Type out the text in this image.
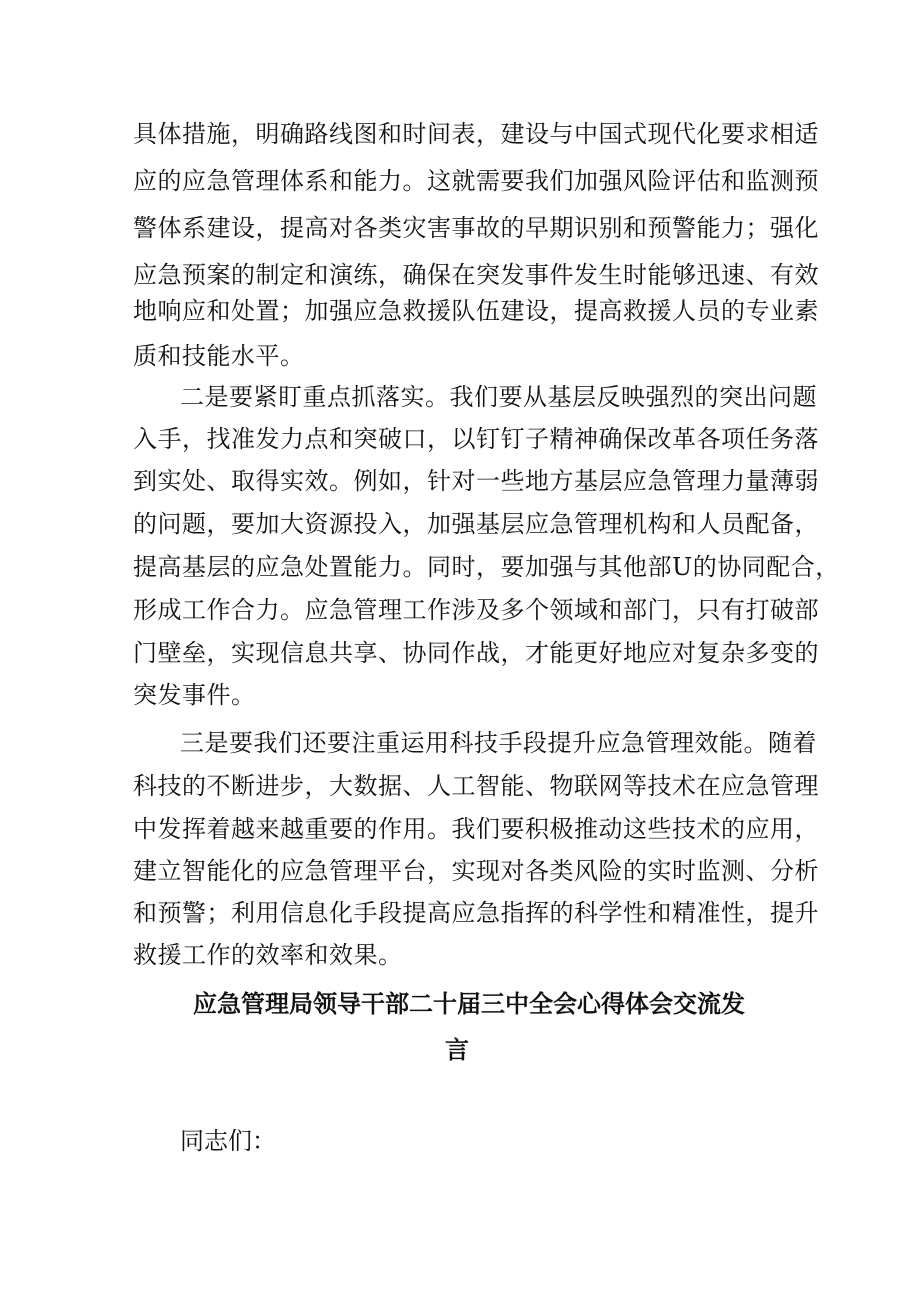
具体措施，明确路线图和时间表，建设与中国式现代化要求相适
应的应急管理体系和能力。这就需要我们加强风险评估和监测预
警体系建设，提高对各类灾害事故的早期识别和预警能力；强化
应急预案的制定和演练，确保在突发事件发生时能够迅速、有效
地响应和处置；加强应急救援队伍建设，提高救援人员的专业素
质和技能水平。
二是要紧盯重点抓落实。我们要从基层反映强烈的突出问题
入手，找准发力点和突破口，以钉钉子精神确保改革各项任务落
到实处、取得实效。例如，针对一些地方基层应急管理力量薄弱
的问题，要加大资源投入，加强基层应急管理机构和人员配备，
提高基层的应急处置能力。同时，要加强与其他部U的协同配合，
形成工作合力。应急管理工作涉及多个领域和部门，只有打破部
门壁垒，实现信息共享、协同作战，才能更好地应对复杂多变的
突发事件。
三是要我们还要注重运用科技手段提升应急管理效能。随着
科技的不断进步，大数据、人工智能、物联网等技术在应急管理
中发挥着越来越重要的作用。我们要积极推动这些技术的应用，
建立智能化的应急管理平台，实现对各类风险的实时监测、分析
和预警；利用信息化手段提高应急指挥的科学性和精准性，提升
救援工作的效率和效果。
应急管理局领导干部二十届三中全会心得体会交流发
言
同志们：
